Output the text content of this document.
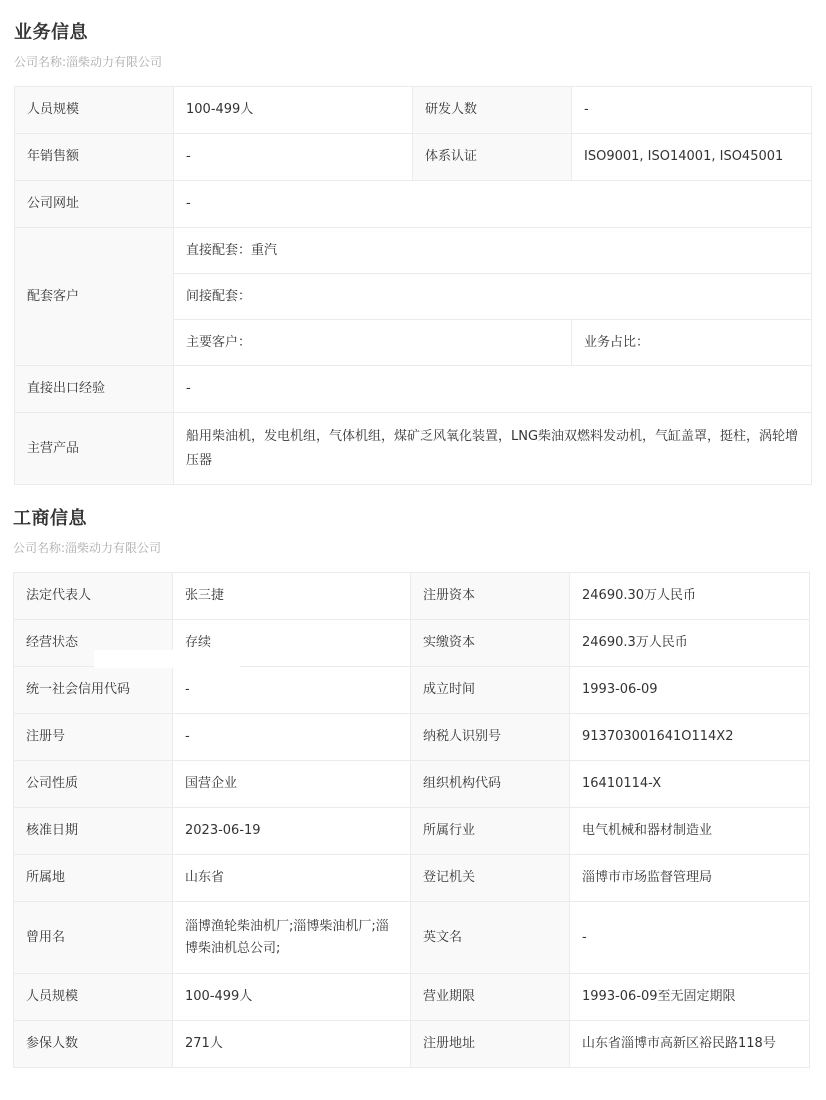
业务信息
公司名称:淄柴动力有限公司
人员规模	100-499人	研发人数	-
年销售额	-	体系认证	ISO9001, ISO14001, ISO45001
公司网址	-		
配套客户	直接配套：重汽		
	间接配套：		
	主要客户：		业务占比：
直接出口经验	-		
主营产品	船用柴油机，发电机组，气体机组，煤矿乏风氧化装置，LNG柴油双燃料发动机，气缸盖罩，挺柱，涡轮增压器		
工商信息
公司名称:淄柴动力有限公司
法定代表人	张三捷	注册资本	24690.30万人民币
经营状态	存续	实缴资本	24690.3万人民币
统一社会信用代码	-	成立时间	1993-06-09
注册号	-	纳税人识别号	913703001641O114X2
公司性质	国营企业	组织机构代码	16410114-X
核准日期	2023-06-19	所属行业	电气机械和器材制造业
所属地	山东省	登记机关	淄博市市场监督管理局
曾用名	淄博渔轮柴油机厂;淄博柴油机厂;淄博柴油机总公司;	英文名	-
人员规模	100-499人	营业期限	1993-06-09至无固定期限
参保人数	271人	注册地址	山东省淄博市高新区裕民路118号
